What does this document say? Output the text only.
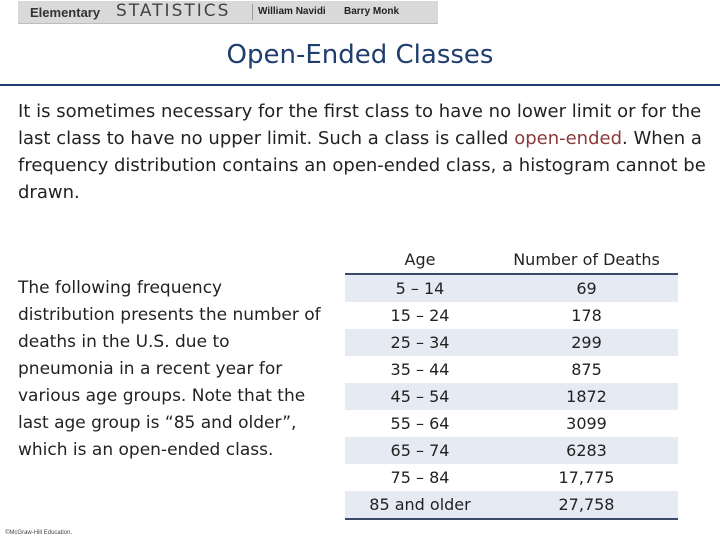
Elementary STATISTICS	William Navidi Barry Monk
Open-Ended Classes

It is sometimes necessary for the first class to have no lower limit or for the last class to have no upper limit. Such a class is called open-ended. When a frequency distribution contains an open-ended class, a histogram cannot be drawn.

The following frequency distribution presents the number of deaths in the U.S. due to pneumonia in a recent year for various age groups. Note that the last age group is “85 and older”, which is an open-ended class.

Age	Number of Deaths
5 – 14	69
15 – 24	178
25 – 34	299
35 – 44	875
45 – 54	1872
55 – 64	3099
65 – 74	6283
75 – 84	17,775
85 and older	27,758
©McGraw-Hill Education.
